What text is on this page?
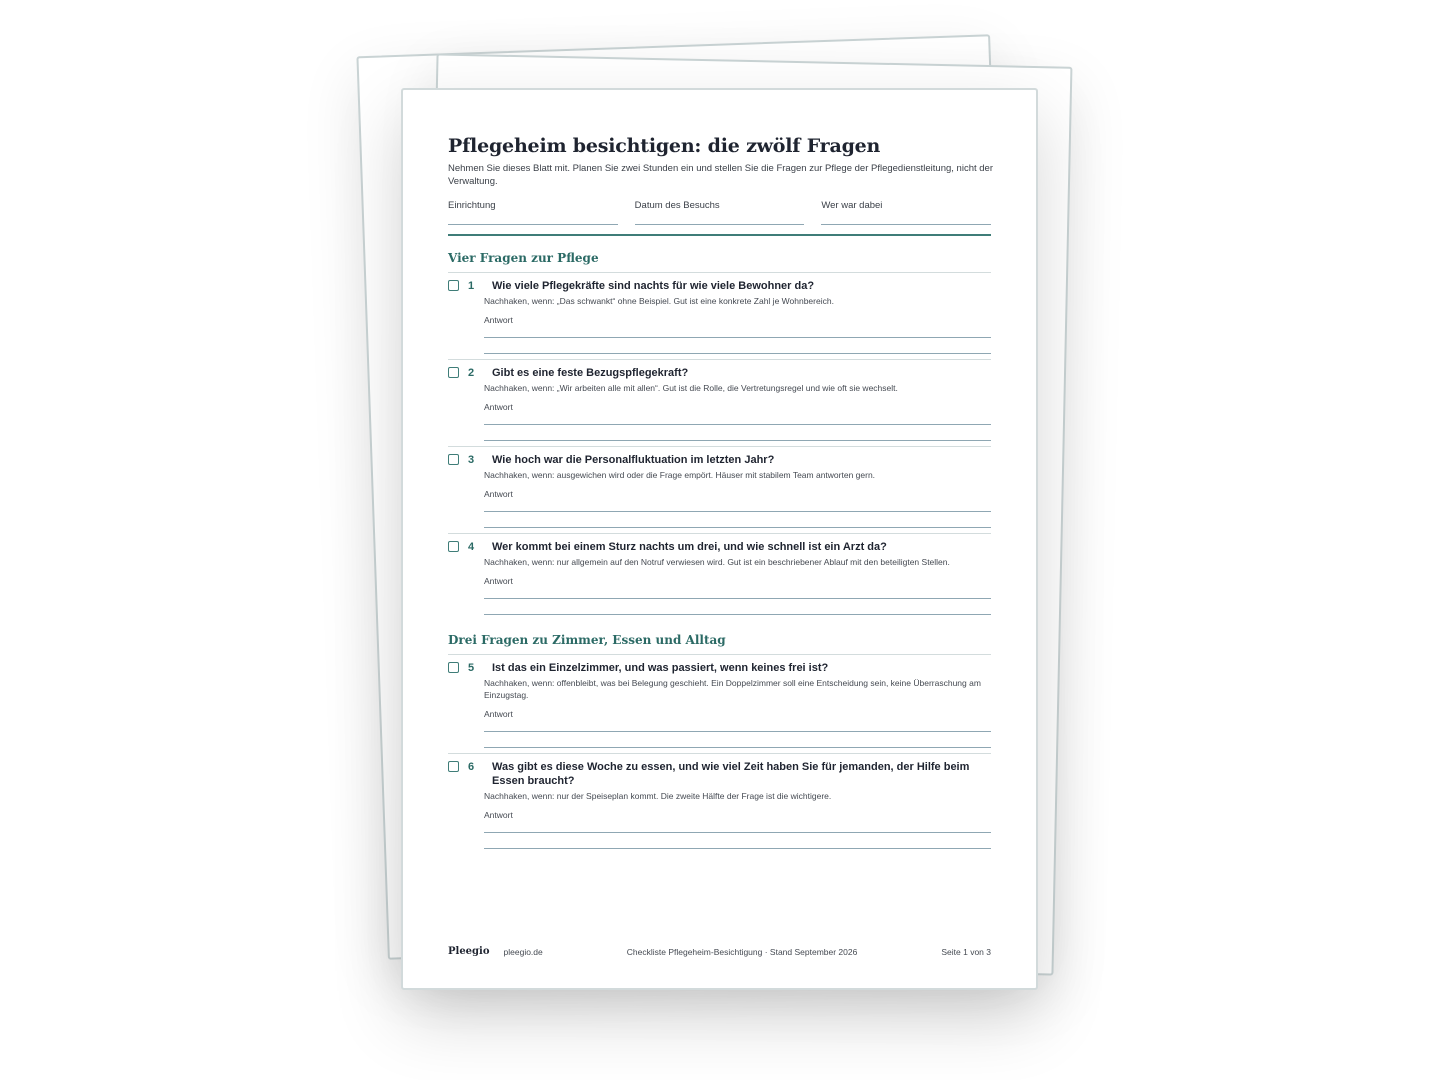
Pflegeheim besichtigen: die zwölf Fragen
Nehmen Sie dieses Blatt mit. Planen Sie zwei Stunden ein und stellen Sie die Fragen zur Pflege der Pflegedienstleitung, nicht der Verwaltung.
Einrichtung	Datum des Besuchs	Wer war dabei
Vier Fragen zur Pflege
1	Wie viele Pflegekräfte sind nachts für wie viele Bewohner da?
Nachhaken, wenn: „Das schwankt“ ohne Beispiel. Gut ist eine konkrete Zahl je Wohnbereich.
Antwort
2	Gibt es eine feste Bezugspflegekraft?
Nachhaken, wenn: „Wir arbeiten alle mit allen“. Gut ist die Rolle, die Vertretungsregel und wie oft sie wechselt.
Antwort
3	Wie hoch war die Personalfluktuation im letzten Jahr?
Nachhaken, wenn: ausgewichen wird oder die Frage empört. Häuser mit stabilem Team antworten gern.
Antwort
4	Wer kommt bei einem Sturz nachts um drei, und wie schnell ist ein Arzt da?
Nachhaken, wenn: nur allgemein auf den Notruf verwiesen wird. Gut ist ein beschriebener Ablauf mit den beteiligten Stellen.
Antwort
Drei Fragen zu Zimmer, Essen und Alltag
5	Ist das ein Einzelzimmer, und was passiert, wenn keines frei ist?
Nachhaken, wenn: offenbleibt, was bei Belegung geschieht. Ein Doppelzimmer soll eine Entscheidung sein, keine Überraschung am Einzugstag.
Antwort
6	Was gibt es diese Woche zu essen, und wie viel Zeit haben Sie für jemanden, der Hilfe beim Essen braucht?
Nachhaken, wenn: nur der Speiseplan kommt. Die zweite Hälfte der Frage ist die wichtigere.
Antwort
Pleegio pleegio.de	Checkliste Pflegeheim-Besichtigung · Stand September 2026	Seite 1 von 3
